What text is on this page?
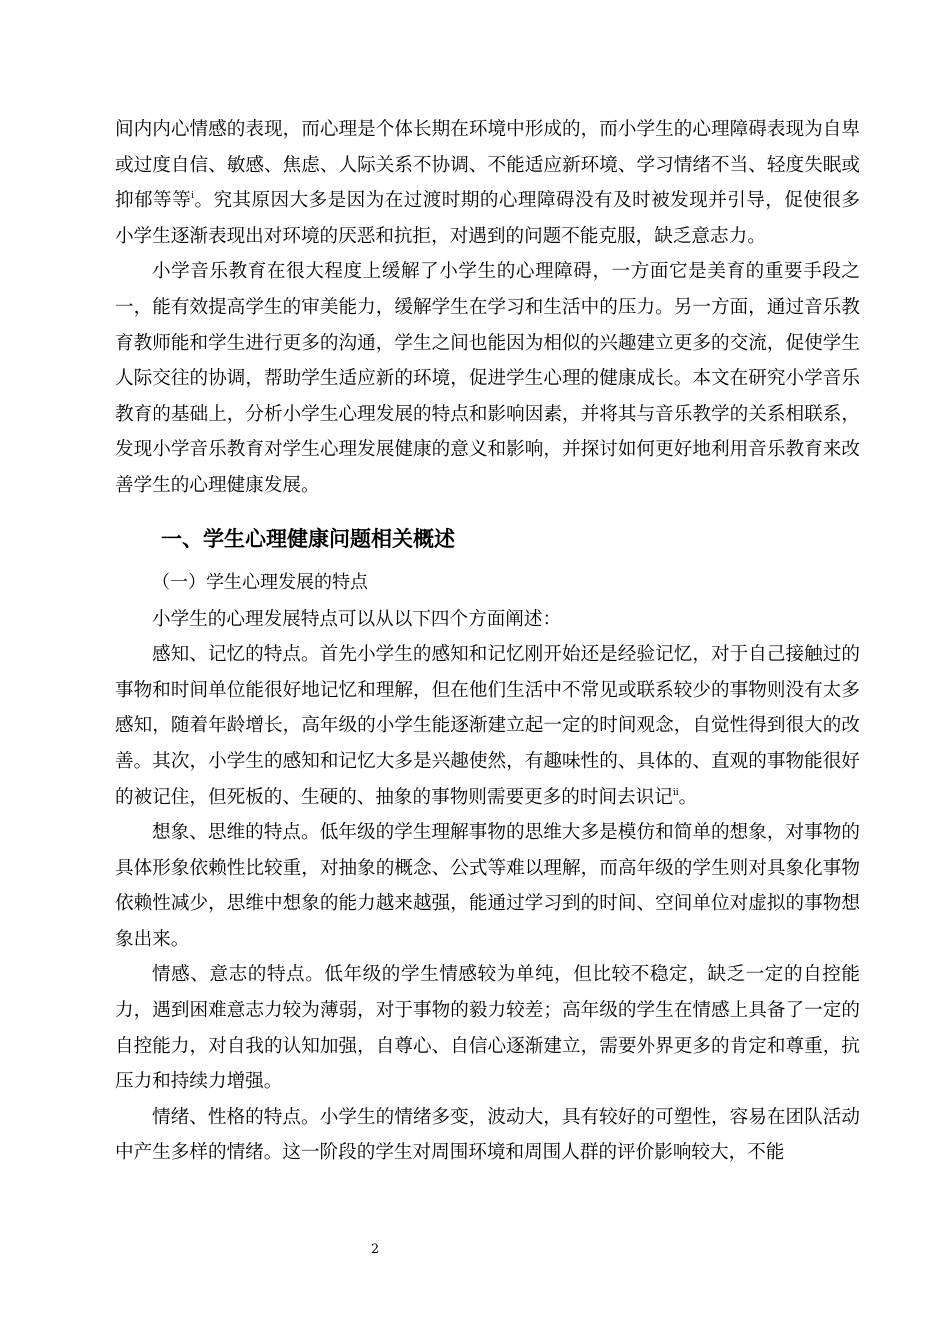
间内内心情感的表现，而心理是个体长期在环境中形成的，而小学生的心理障碍表现为自卑或过度自信、敏感、焦虑、人际关系不协调、不能适应新环境、学习情绪不当、轻度失眠或抑郁等等$^i$。究其原因大多是因为在过渡时期的心理障碍没有及时被发现并引导，促使很多小学生逐渐表现出对环境的厌恶和抗拒，对遇到的问题不能克服，缺乏意志力。

小学音乐教育在很大程度上缓解了小学生的心理障碍，一方面它是美育的重要手段之一，能有效提高学生的审美能力，缓解学生在学习和生活中的压力。另一方面，通过音乐教育教师能和学生进行更多的沟通，学生之间也能因为相似的兴趣建立更多的交流，促使学生人际交往的协调，帮助学生适应新的环境，促进学生心理的健康成长。本文在研究小学音乐教育的基础上，分析小学生心理发展的特点和影响因素，并将其与音乐教学的关系相联系，发现小学音乐教育对学生心理发展健康的意义和影响，并探讨如何更好地利用音乐教育来改善学生的心理健康发展。

一、学生心理健康问题相关概述
（一）学生心理发展的特点

小学生的心理发展特点可以从以下四个方面阐述：

感知、记忆的特点。首先小学生的感知和记忆刚开始还是经验记忆，对于自己接触过的事物和时间单位能很好地记忆和理解，但在他们生活中不常见或联系较少的事物则没有太多感知，随着年龄增长，高年级的小学生能逐渐建立起一定的时间观念，自觉性得到很大的改善。其次，小学生的感知和记忆大多是兴趣使然，有趣味性的、具体的、直观的事物能很好的被记住，但死板的、生硬的、抽象的事物则需要更多的时间去识记$^{ii}$。

想象、思维的特点。低年级的学生理解事物的思维大多是模仿和简单的想象，对事物的具体形象依赖性比较重，对抽象的概念、公式等难以理解，而高年级的学生则对具象化事物依赖性减少，思维中想象的能力越来越强，能通过学习到的时间、空间单位对虚拟的事物想象出来。

情感、意志的特点。低年级的学生情感较为单纯，但比较不稳定，缺乏一定的自控能力，遇到困难意志力较为薄弱，对于事物的毅力较差；高年级的学生在情感上具备了一定的自控能力，对自我的认知加强，自尊心、自信心逐渐建立，需要外界更多的肯定和尊重，抗压力和持续力增强。

情绪、性格的特点。小学生的情绪多变，波动大，具有较好的可塑性，容易在团队活动中产生多样的情绪。这一阶段的学生对周围环境和周围人群的评价影响较大，不能

2
